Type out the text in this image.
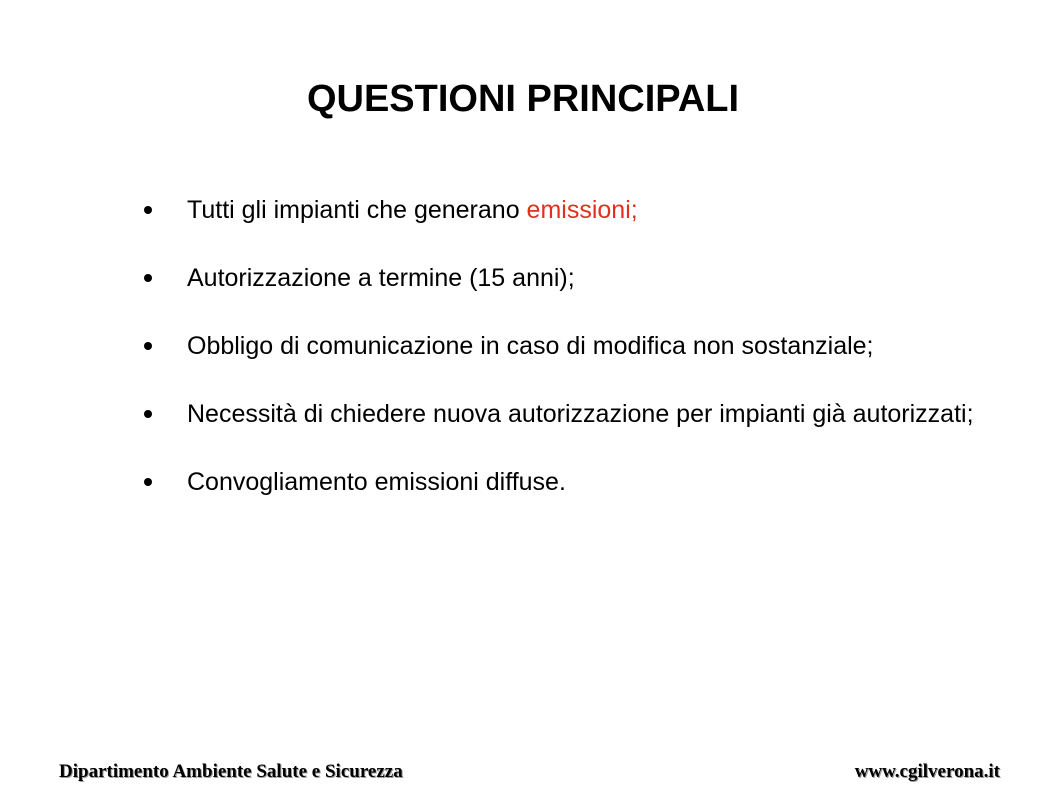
QUESTIONI PRINCIPALI
Tutti gli impianti che generano emissioni;
Autorizzazione a termine (15 anni);
Obbligo di comunicazione in caso di modifica non sostanziale;
Necessità di chiedere nuova autorizzazione per impianti già autorizzati;
Convogliamento emissioni diffuse.
Dipartimento Ambiente Salute e Sicurezza	www.cgilverona.it
